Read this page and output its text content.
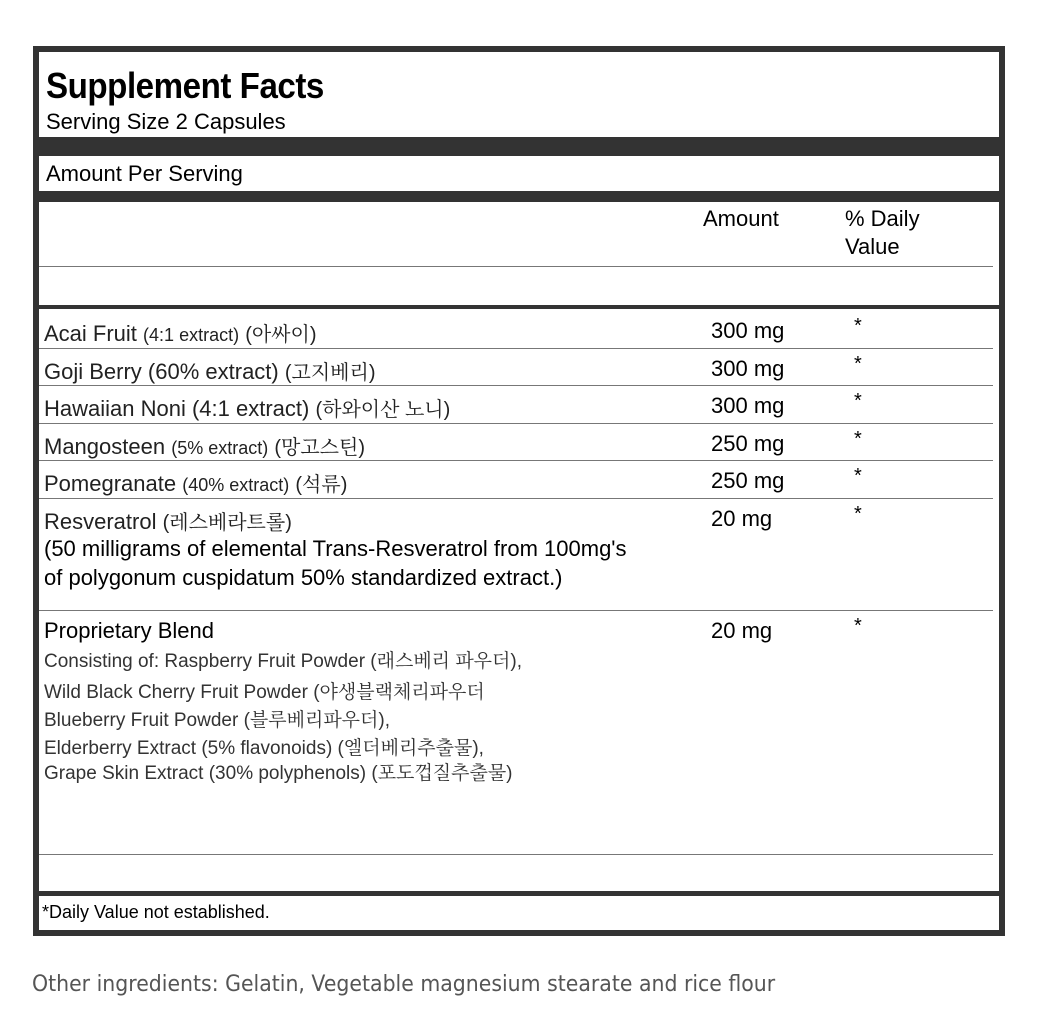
Supplement Facts
Serving Size 2 Capsules
Amount Per Serving
Amount	% Daily Value
Acai Fruit (4:1 extract) (아싸이)	300 mg	*
Goji Berry (60% extract) (고지베리)	300 mg	*
Hawaiian Noni (4:1 extract) (하와이산 노니)	300 mg	*
Mangosteen (5% extract) (망고스틴)	250 mg	*
Pomegranate (40% extract) (석류)	250 mg	*
Resveratrol (레스베라트롤)	20 mg	*
(50 milligrams of elemental Trans-Resveratrol from 100mg's
of polygonum cuspidatum 50% standardized extract.)
Proprietary Blend	20 mg	*
Consisting of: Raspberry Fruit Powder (래스베리 파우더),
Wild Black Cherry Fruit Powder (야생블랙체리파우더
Blueberry Fruit Powder (블루베리파우더),
Elderberry Extract (5% flavonoids) (엘더베리추출물),
Grape Skin Extract (30% polyphenols) (포도껍질추출물)
*Daily Value not established.
Other ingredients: Gelatin, Vegetable magnesium stearate and rice flour
